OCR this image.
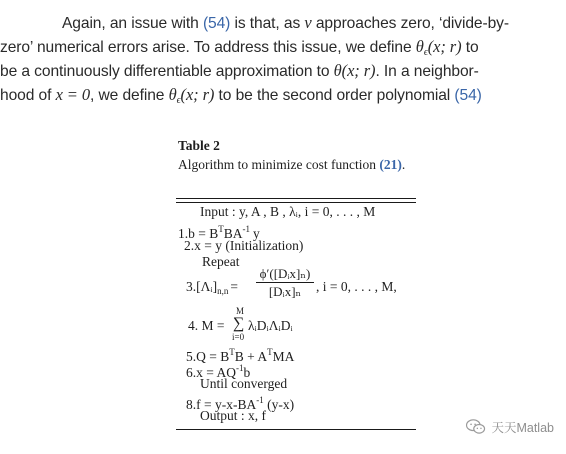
Again, an issue with (54) is that, as v approaches zero, ‘divide-by-
zero’ numerical errors arise. To address this issue, we define θϵ(x; r) to
be a continuously differentiable approximation to θ(x; r). In a neighbor-
hood of x = 0, we define θϵ(x; r) to be the second order polynomial (54)
Table 2
Algorithm to minimize cost function (21).
Input : y, A , B , λᵢ, i = 0, . . . , M
$1.b = B^TBA^{-1}$ y
2.x = y (Initialization)
Repeat
$3.[\Lambda ᵢ]_{n,n}$ =
ϕ′([Dᵢx]ₙ)
[Dᵢx]ₙ	, i = 0, . . . , M,
4. M =
M
∑
i=0
λᵢDᵢΛᵢDᵢ
$5.Q = B^TB + A^TMA$
$6.x = AQ^{-1}b$
Until converged
$8.f = y-x-BA^{-1}$ (y-x)
Output : x, f
天天Matlab
